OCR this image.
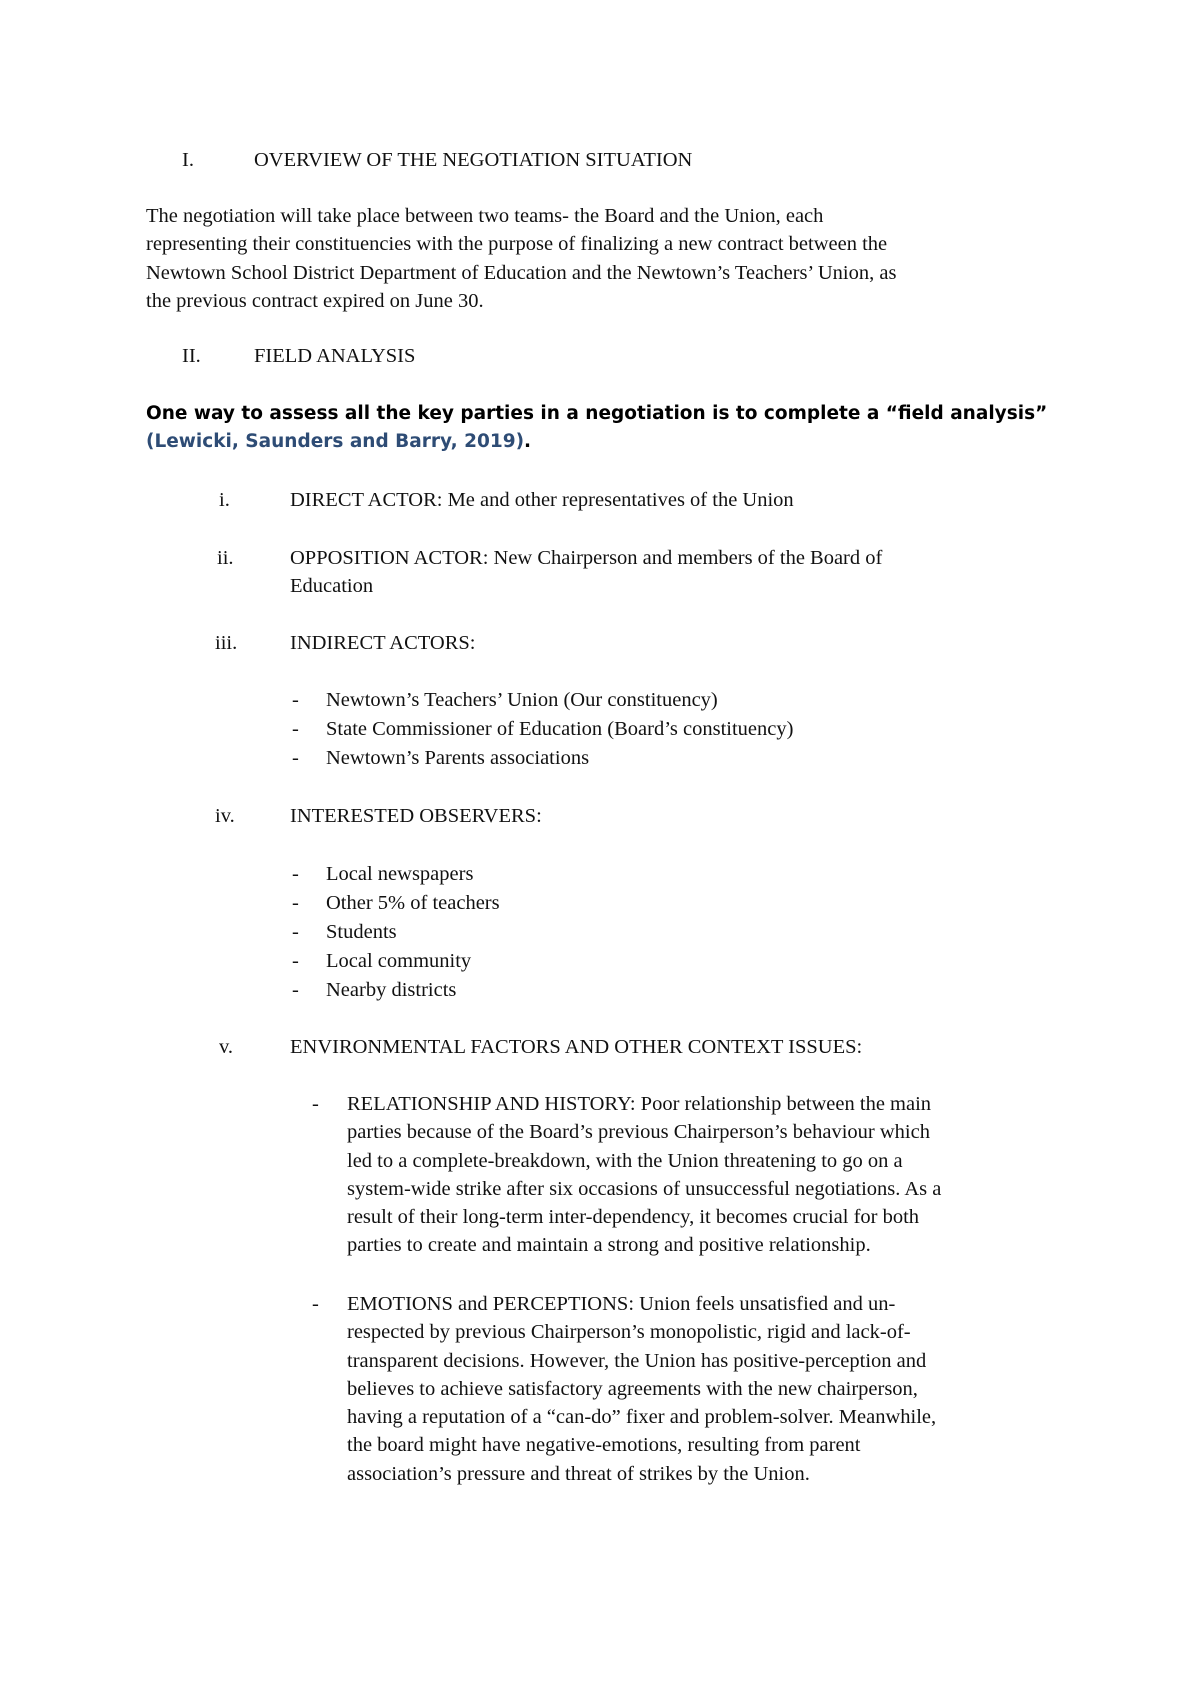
I.	OVERVIEW OF THE NEGOTIATION SITUATION
The negotiation will take place between two teams- the Board and the Union, each
representing their constituencies with the purpose of finalizing a new contract between the
Newtown School District Department of Education and the Newtown’s Teachers’ Union, as
the previous contract expired on June 30.
II.	FIELD ANALYSIS
One way to assess all the key parties in a negotiation is to complete a “field analysis”
(Lewicki, Saunders and Barry, 2019).
i.	DIRECT ACTOR: Me and other representatives of the Union
ii.	OPPOSITION ACTOR: New Chairperson and members of the Board of
Education
iii.	INDIRECT ACTORS:
- Newtown’s Teachers’ Union (Our constituency)
- State Commissioner of Education (Board’s constituency)
- Newtown’s Parents associations
iv.	INTERESTED OBSERVERS:
- Local newspapers
- Other 5% of teachers
- Students
- Local community
- Nearby districts
v.	ENVIRONMENTAL FACTORS AND OTHER CONTEXT ISSUES:
- RELATIONSHIP AND HISTORY: Poor relationship between the main
parties because of the Board’s previous Chairperson’s behaviour which
led to a complete-breakdown, with the Union threatening to go on a
system-wide strike after six occasions of unsuccessful negotiations. As a
result of their long-term inter-dependency, it becomes crucial for both
parties to create and maintain a strong and positive relationship.
- EMOTIONS and PERCEPTIONS: Union feels unsatisfied and un-
respected by previous Chairperson’s monopolistic, rigid and lack-of-
transparent decisions. However, the Union has positive-perception and
believes to achieve satisfactory agreements with the new chairperson,
having a reputation of a “can-do” fixer and problem-solver. Meanwhile,
the board might have negative-emotions, resulting from parent
association’s pressure and threat of strikes by the Union.
